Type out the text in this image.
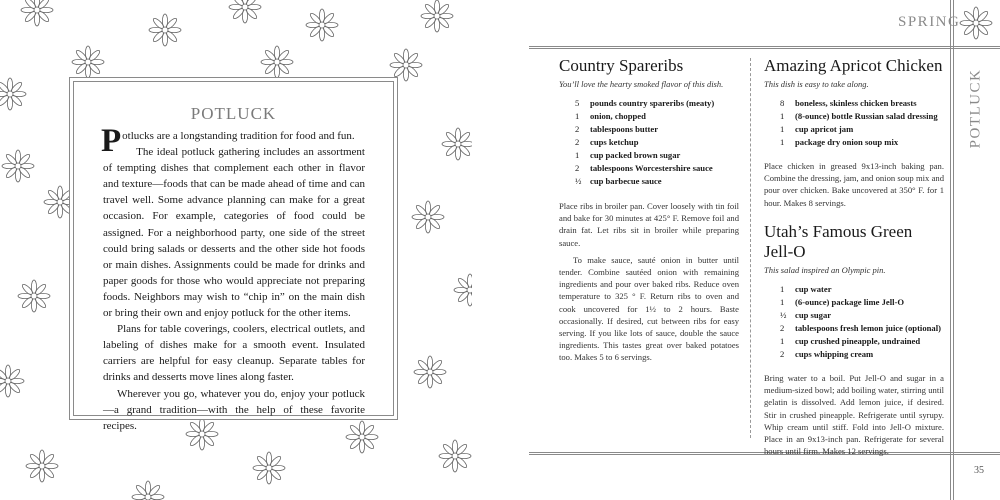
POTLUCK

Potlucks are a longstanding tradition for food and fun.

The ideal potluck gathering includes an assortment of tempting dishes that complement each other in flavor and texture—foods that can be made ahead of time and can travel well. Some advance planning can make for a great occasion. For example, categories of food could be assigned. For a neighborhood party, one side of the street could bring salads or desserts and the other side hot foods or main dishes. Assignments could be made for drinks and paper goods for those who would appreciate not preparing foods. Neighbors may wish to “chip in” on the main dish or bring their own and enjoy potluck for the other items.

Plans for table coverings, coolers, electrical outlets, and labeling of dishes make for a smooth event. Insulated carriers are helpful for easy cleanup. Separate tables for drinks and desserts move lines along faster.

Wherever you go, whatever you do, enjoy your potluck—a grand tradition—with the help of these favorite recipes.

SPRING
POTLUCK
35
Country Spareribs
You’ll love the hearty smoked flavor of this dish.
5	pounds country spareribs (meaty)
1	onion, chopped
2	tablespoons butter
2	cups ketchup
1	cup packed brown sugar
2	tablespoons Worcestershire sauce
½ cup barbecue sauce

Place ribs in broiler pan. Cover loosely with tin foil and bake for 30 minutes at 425° F. Remove foil and drain fat. Let ribs sit in broiler while preparing sauce.

To make sauce, sauté onion in butter until tender. Combine sautéed onion with remaining ingredients and pour over baked ribs. Reduce oven temperature to 325 ° F. Return ribs to oven and cook uncovered for 1½ to 2 hours. Baste occasionally. If desired, cut between ribs for easy serving. If you like lots of sauce, double the sauce ingredients. This tastes great over baked potatoes too. Makes 5 to 6 servings.

Amazing Apricot Chicken
This dish is easy to take along.
8	boneless, skinless chicken breasts
1	(8-ounce) bottle Russian salad dressing
1	cup apricot jam
1	package dry onion soup mix

Place chicken in greased 9x13-inch baking pan. Combine the dressing, jam, and onion soup mix and pour over chicken. Bake uncovered at 350° F. for 1 hour. Makes 8 servings.

Utah’s Famous Green Jell-O
This salad inspired an Olympic pin.
1	cup water
1	(6-ounce) package lime Jell-O
½ cup sugar
2	tablespoons fresh lemon juice (optional)
1	cup crushed pineapple, undrained
2	cups whipping cream

Bring water to a boil. Put Jell-O and sugar in a medium-sized bowl; add boiling water, stirring until gelatin is dissolved. Add lemon juice, if desired. Stir in crushed pineapple. Refrigerate until syrupy. Whip cream until stiff. Fold into Jell-O mixture. Place in an 9x13-inch pan. Refrigerate for several hours until firm. Makes 12 servings.
